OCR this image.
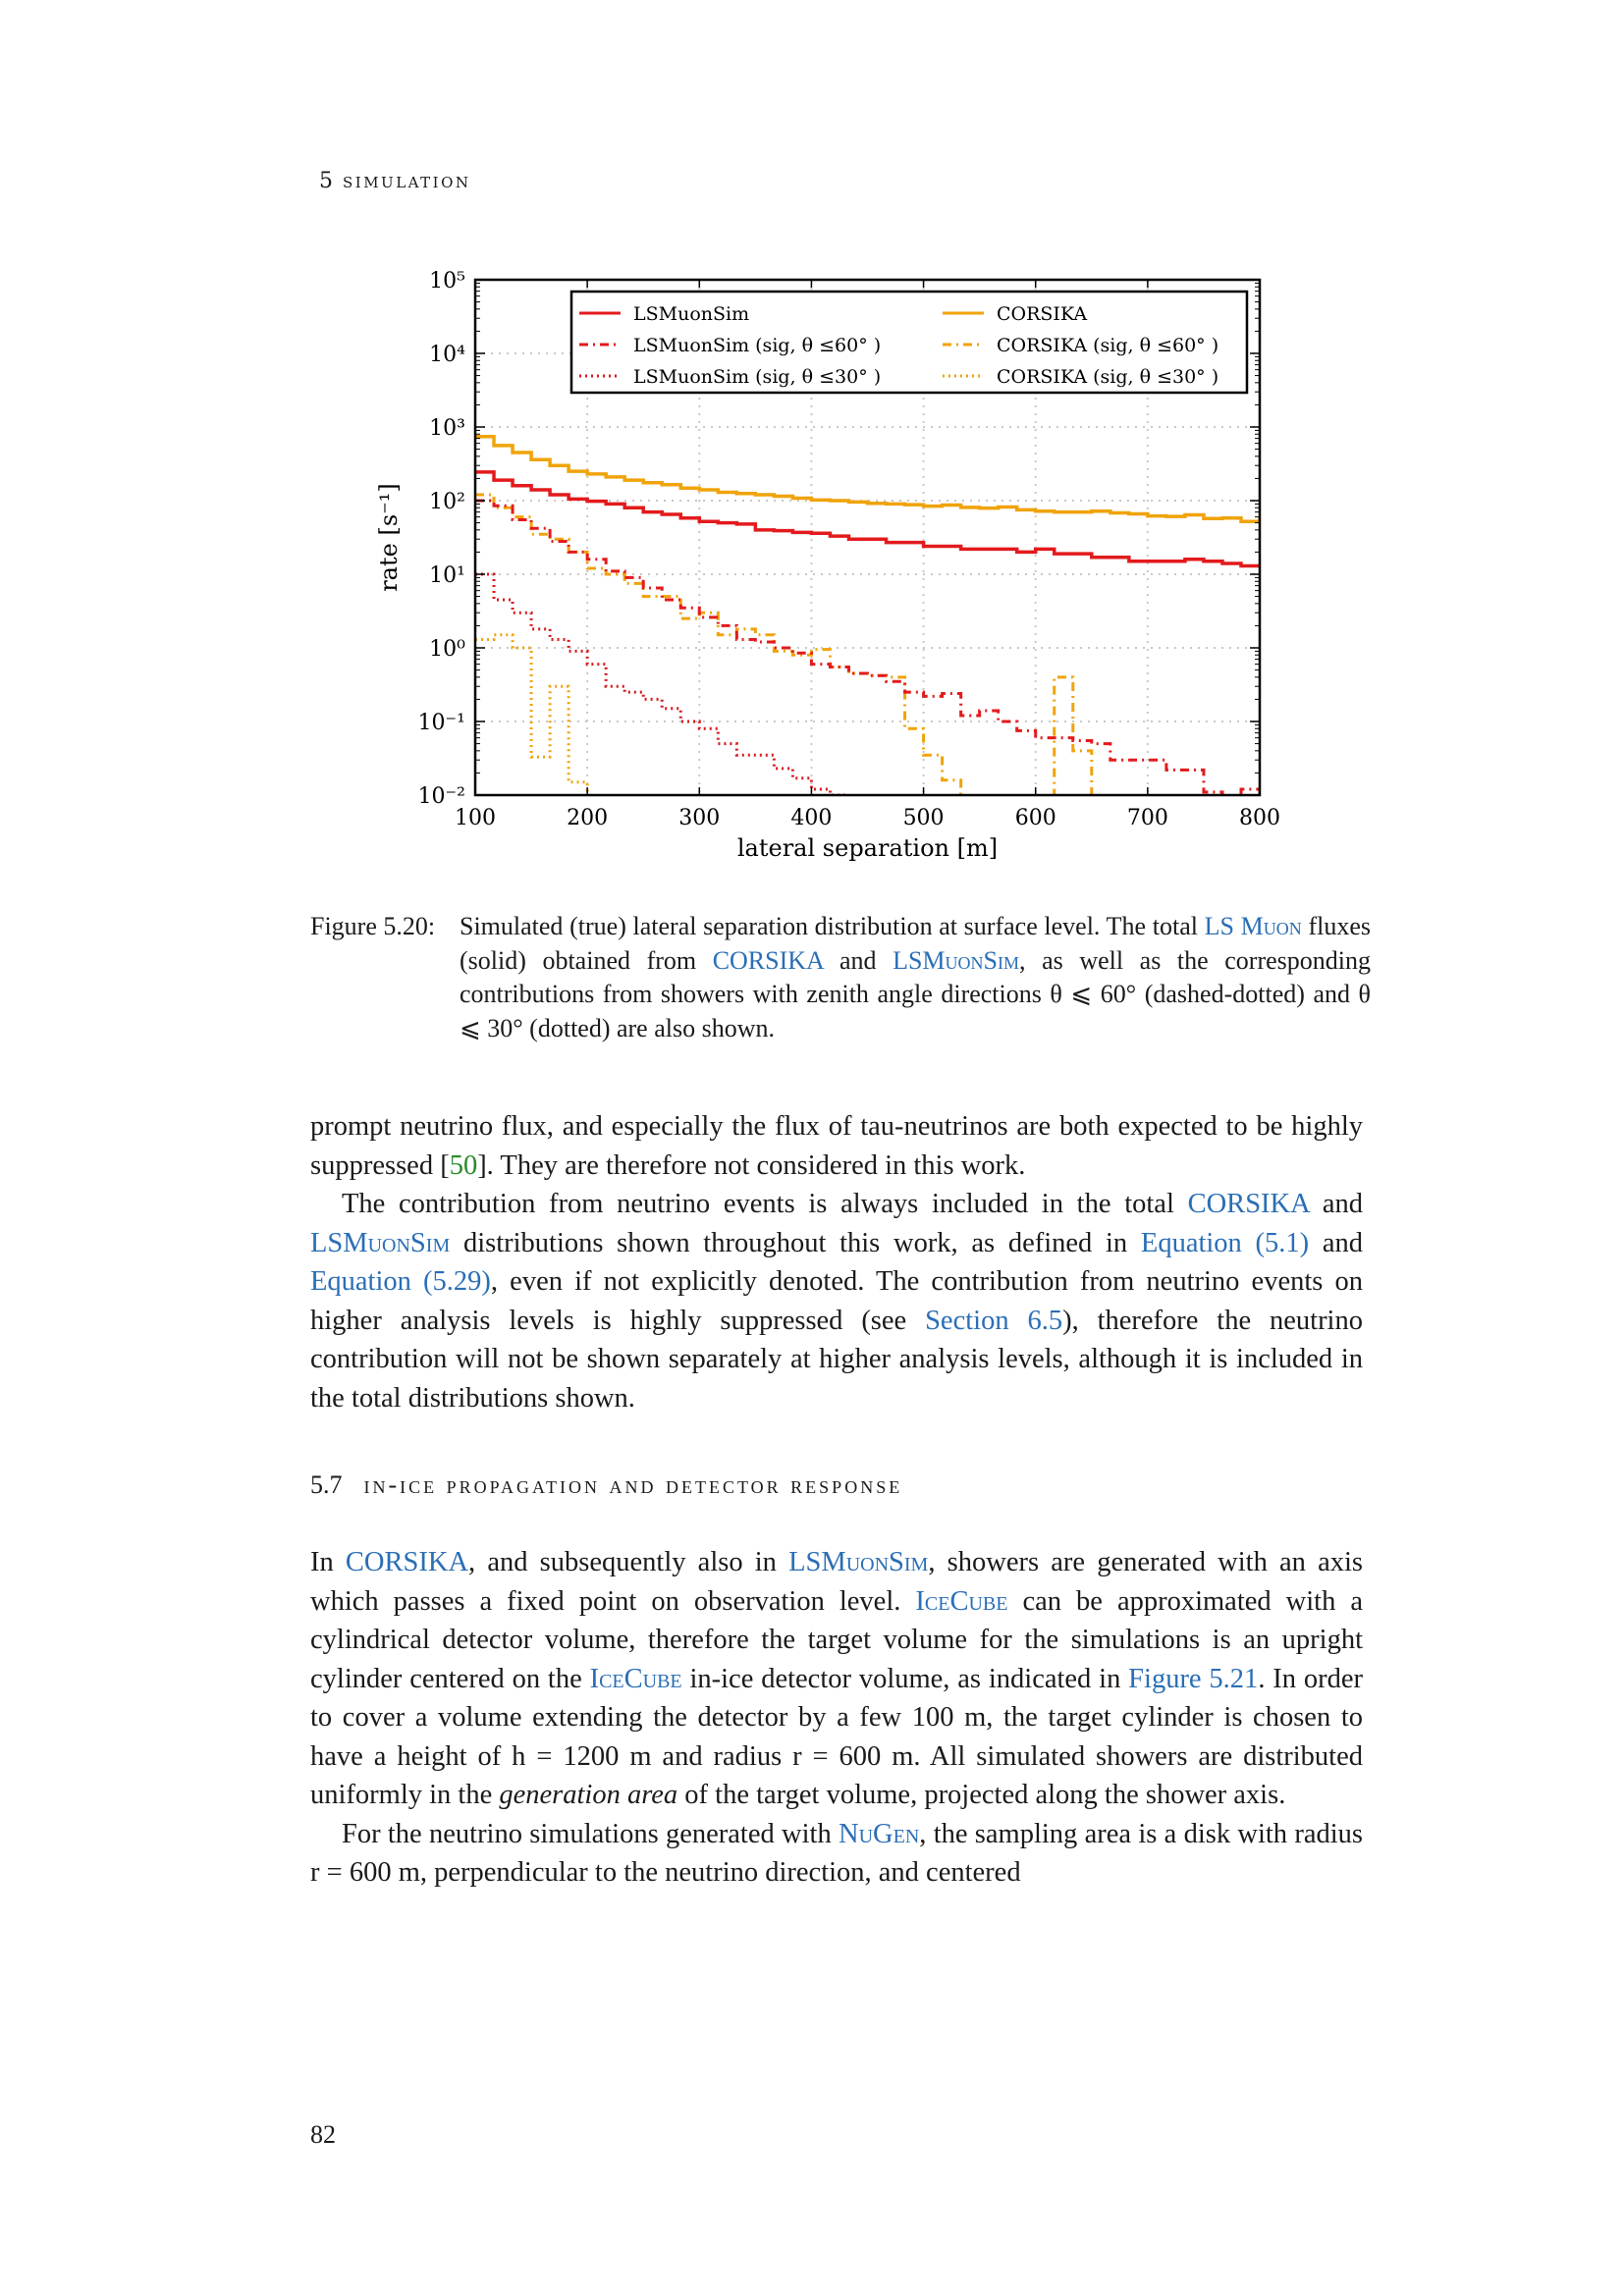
5 simulation
100	200	300	400	500	600	700	800
10⁻²
10⁻¹
10⁰
10¹
10²
10³
10⁴
10⁵
lateral separation [m]
rate [s⁻¹]
LSMuonSim
LSMuonSim (sig, θ ≤60° )
LSMuonSim (sig, θ ≤30° )
CORSIKA
CORSIKA (sig, θ ≤60° )
CORSIKA (sig, θ ≤30° )
Figure 5.20: Simulated (true) lateral separation distribution at surface level. The total LS Muon fluxes (solid) obtained from CORSIKA and LSMuonSim, as well as the corresponding contributions from showers with zenith angle directions θ ⩽ 60° (dashed-dotted) and θ ⩽ 30° (dotted) are also shown.

prompt neutrino flux, and especially the flux of tau-neutrinos are both expected to be highly suppressed [50]. They are therefore not considered in this work.

The contribution from neutrino events is always included in the total CORSIKA and LSMuonSim distributions shown throughout this work, as defined in Equation (5.1) and Equation (5.29), even if not explicitly denoted. The contribution from neutrino events on higher analysis levels is highly suppressed (see Section 6.5), therefore the neutrino contribution will not be shown separately at higher analysis levels, although it is included in the total distributions shown.

5.7 in-ice propagation and detector response

In CORSIKA, and subsequently also in LSMuonSim, showers are generated with an axis which passes a fixed point on observation level. IceCube can be approximated with a cylindrical detector volume, therefore the target volume for the simulations is an upright cylinder centered on the IceCube in-ice detector volume, as indicated in Figure 5.21. In order to cover a volume extending the detector by a few 100 m, the target cylinder is chosen to have a height of h = 1200 m and radius r = 600 m. All simulated showers are distributed uniformly in the generation area of the target volume, projected along the shower axis.

For the neutrino simulations generated with NuGen, the sampling area is a disk with radius r = 600 m, perpendicular to the neutrino direction, and centered

82
